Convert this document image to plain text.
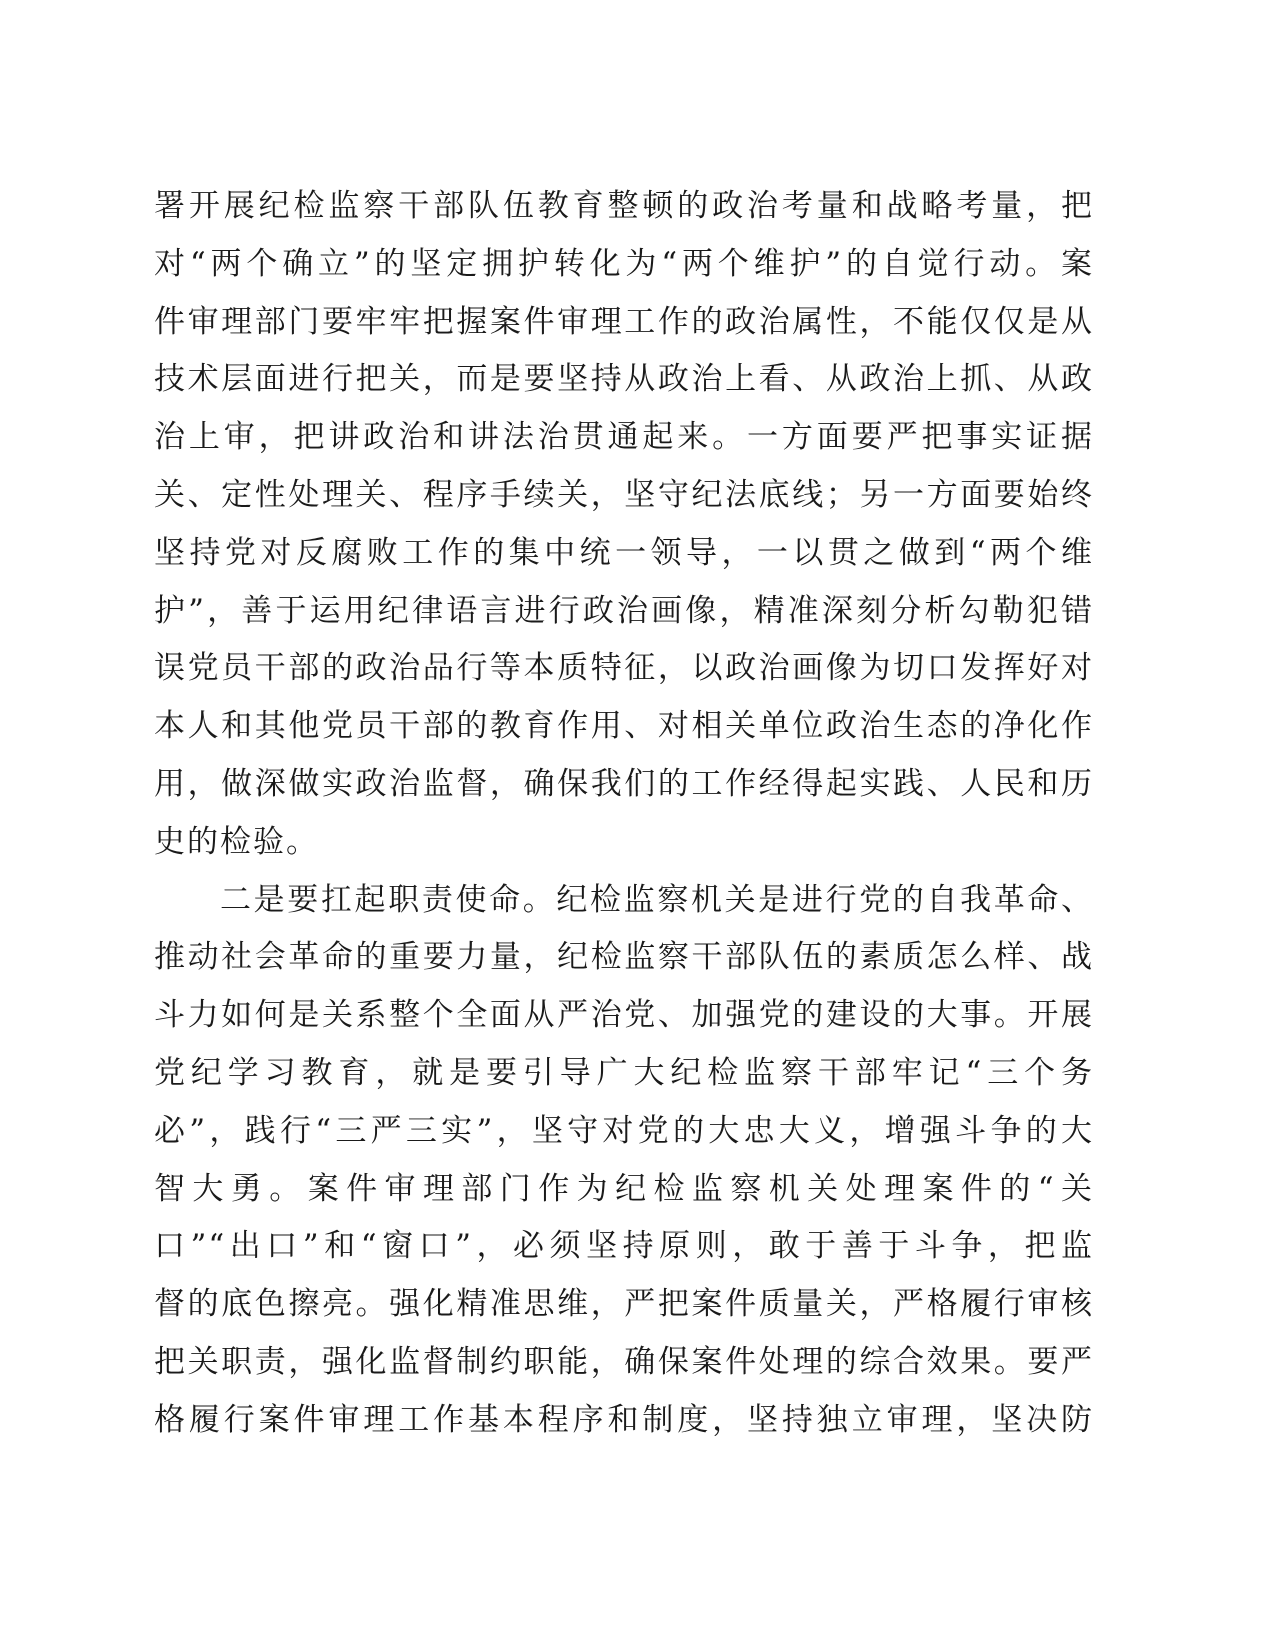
署开展纪检监察干部队伍教育整顿的政治考量和战略考量，把
对“两个确立”的坚定拥护转化为“两个维护”的自觉行动。案
件审理部门要牢牢把握案件审理工作的政治属性，不能仅仅是从
技术层面进行把关，而是要坚持从政治上看、从政治上抓、从政
治上审，把讲政治和讲法治贯通起来。一方面要严把事实证据
关、定性处理关、程序手续关，坚守纪法底线；另一方面要始终
坚持党对反腐败工作的集中统一领导，一以贯之做到“两个维
护”，善于运用纪律语言进行政治画像，精准深刻分析勾勒犯错
误党员干部的政治品行等本质特征，以政治画像为切口发挥好对
本人和其他党员干部的教育作用、对相关单位政治生态的净化作
用，做深做实政治监督，确保我们的工作经得起实践、人民和历
史的检验。
二是要扛起职责使命。纪检监察机关是进行党的自我革命、
推动社会革命的重要力量，纪检监察干部队伍的素质怎么样、战
斗力如何是关系整个全面从严治党、加强党的建设的大事。开展
党纪学习教育，就是要引导广大纪检监察干部牢记“三个务
必”，践行“三严三实”，坚守对党的大忠大义，增强斗争的大
智大勇。案件审理部门作为纪检监察机关处理案件的“关
口”“出口”和“窗口”，必须坚持原则，敢于善于斗争，把监
督的底色擦亮。强化精准思维，严把案件质量关，严格履行审核
把关职责，强化监督制约职能，确保案件处理的综合效果。要严
格履行案件审理工作基本程序和制度，坚持独立审理，坚决防
